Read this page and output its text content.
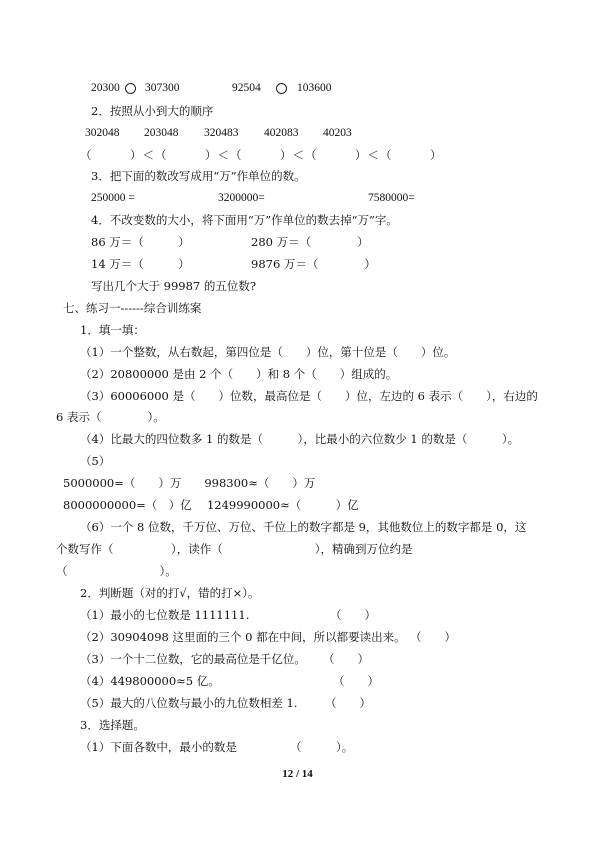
20300 307300	92504	103600
2．按照从小到大的顺序
302048 203048 320483 402083 40203
（　　　）＜（　　　）＜（　　　）＜（　　　）＜（　　　）
3．把下面的数改写成用“万”作单位的数。
250000 =	3200000=	7580000=
4．不改变数的大小，将下面用“万”作单位的数去掉“万”字。
86 万＝（　　　）	280 万＝（　　　　）
14 万＝（　　　）	9876 万＝（　　　　）
写出几个大于 99987 的五位数?
七、练习一------综合训练案
1．填一填：
（1）一个整数，从右数起，第四位是（　　）位，第十位是（　　）位。
（2）20800000 是由 2 个（　　）和 8 个（　　）组成的。
（3）60006000 是（　　）位数，最高位是（　　）位，左边的 6 表示（　　），右边的
6 表示（　　　　）。
（4）比最大的四位数多 1 的数是（　　　），比最小的六位数少 1 的数是（　　　）。
（5）
5000000=（　　）万　　998300≈（　　）万
8000000000=（　）亿　 1249990000≈（　　　）亿
（6）一个 8 位数，千万位、万位、千位上的数字都是 9，其他数位上的数字都是 0，这
个数写作（　　　　　），读作（　　　　　　　　），精确到万位约是
（　　　　　　　　）。
2．判断题（对的打√，错的打×）。
（1）最小的七位数是 1111111.	（　　）
（2）30904098 这里面的三个 0 都在中间，所以都要读出来。 （　　）
（3）一个十二位数，它的最高位是千亿位。 （　　）
（4）449800000≈5 亿。	（　　）
（5）最大的八位数与最小的九位数相差 1. （　　）
3．选择题。
（1）下面各数中，最小的数是	（　　　）。
12 / 14
